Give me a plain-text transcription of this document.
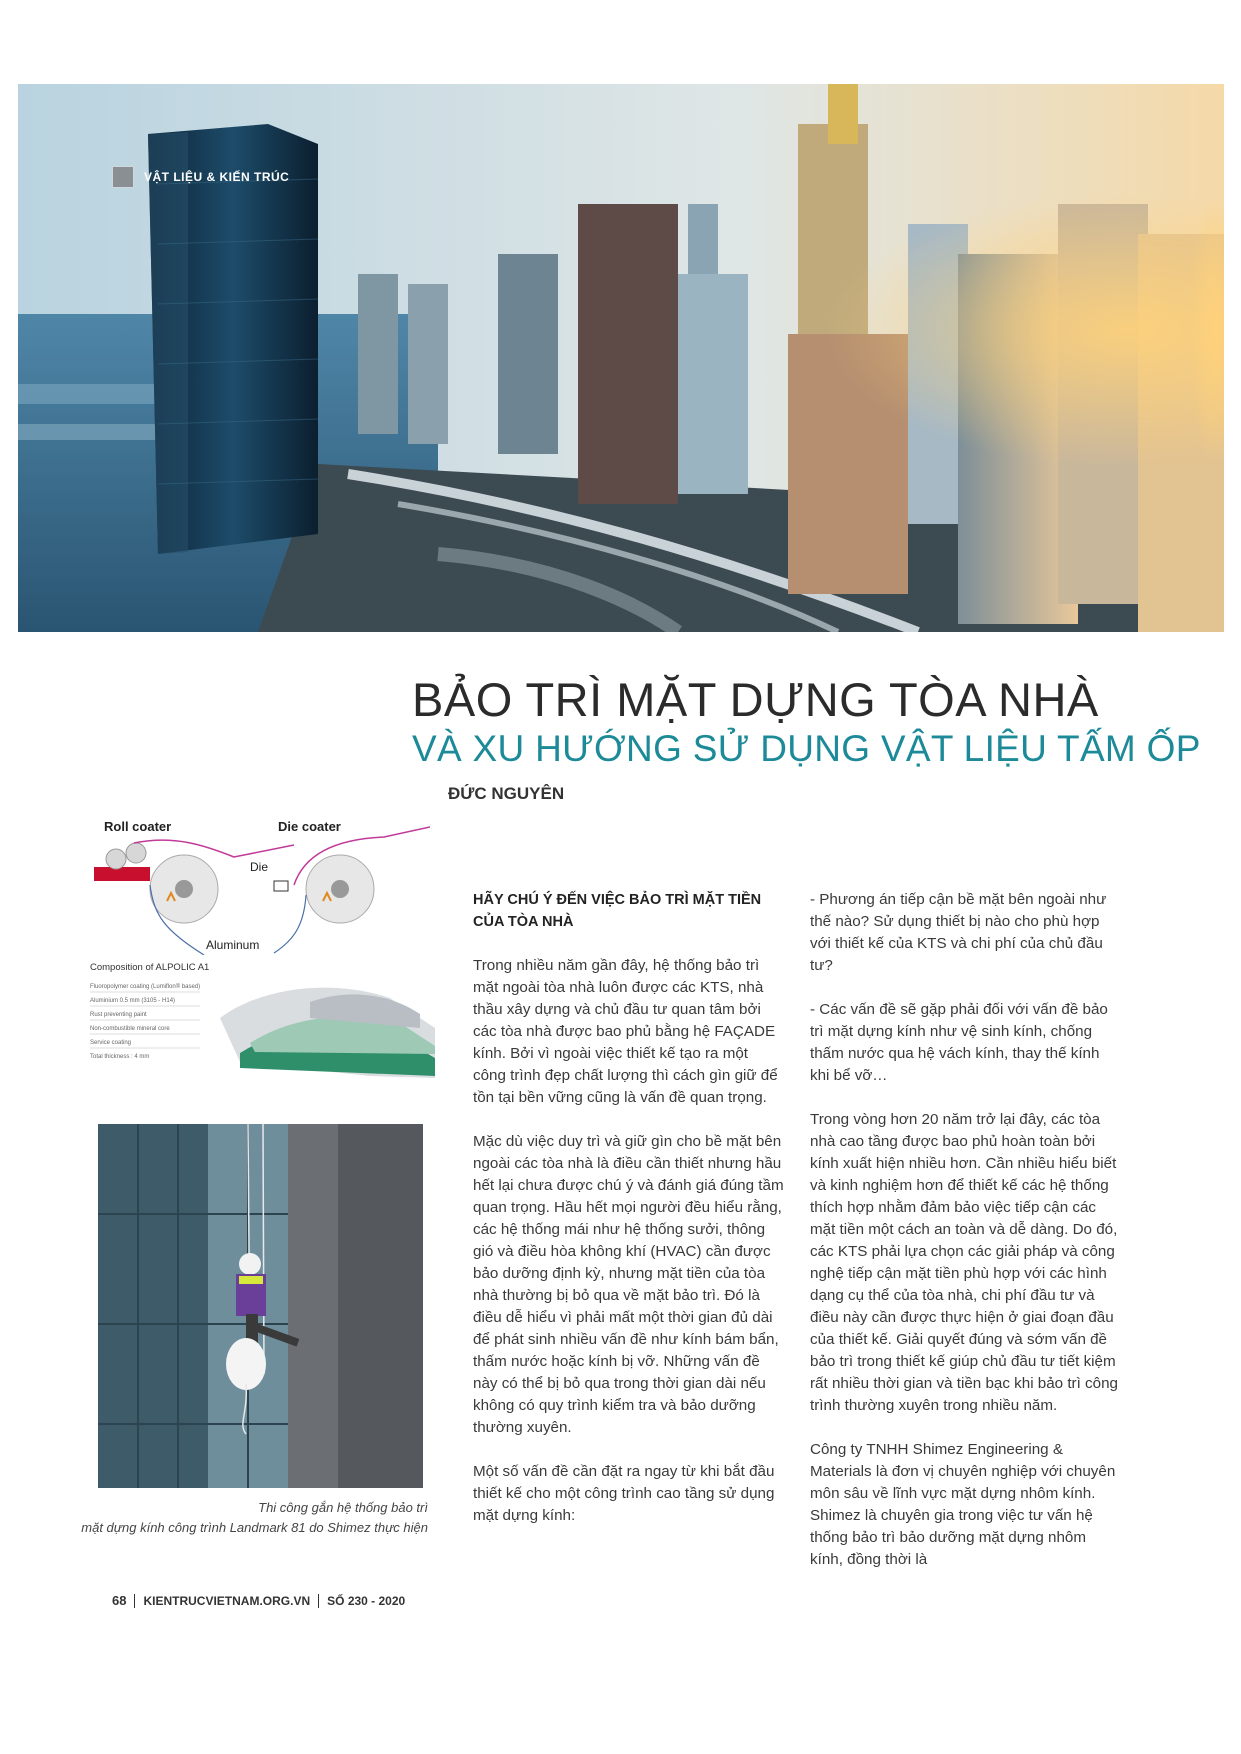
VẬT LIỆU & KIẾN TRÚC
BẢO TRÌ MẶT DỰNG TÒA NHÀ
VÀ XU HƯỚNG SỬ DỤNG VẬT LIỆU TẤM ỐP
ĐỨC NGUYÊN
Roll coater	Die coater
Die
Aluminum
Composition of ALPOLIC A1
Fluoropolymer coating (Lumiflon® based)
Aluminium 0.5 mm (3105 - H14)
Rust preventing paint
Non-combustible mineral core
Service coating
Total thickness : 4 mm
Thi công gắn hệ thống bảo trì
mặt dựng kính công trình Landmark 81 do Shimez thực hiện
HÃY CHÚ Ý ĐẾN VIỆC BẢO TRÌ MẶT TIỀN CỦA TÒA NHÀ

Trong nhiều năm gần đây, hệ thống bảo trì mặt ngoài tòa nhà luôn được các KTS, nhà thầu xây dựng và chủ đầu tư quan tâm bởi các tòa nhà được bao phủ bằng hệ FAÇADE kính. Bởi vì ngoài việc thiết kế tạo ra một công trình đẹp chất lượng thì cách gìn giữ để tồn tại bền vững cũng là vấn đề quan trọng.

Mặc dù việc duy trì và giữ gìn cho bề mặt bên ngoài các tòa nhà là điều cần thiết nhưng hầu hết lại chưa được chú ý và đánh giá đúng tầm quan trọng. Hầu hết mọi người đều hiểu rằng, các hệ thống mái như hệ thống sưởi, thông gió và điều hòa không khí (HVAC) cần được bảo dưỡng định kỳ, nhưng mặt tiền của tòa nhà thường bị bỏ qua về mặt bảo trì. Đó là điều dễ hiểu vì phải mất một thời gian đủ dài để phát sinh nhiều vấn đề như kính bám bẩn, thấm nước hoặc kính bị vỡ. Những vấn đề này có thể bị bỏ qua trong thời gian dài nếu không có quy trình kiểm tra và bảo dưỡng thường xuyên.

Một số vấn đề cần đặt ra ngay từ khi bắt đầu thiết kế cho một công trình cao tầng sử dụng mặt dựng kính:

- Phương án tiếp cận bề mặt bên ngoài như thế nào? Sử dụng thiết bị nào cho phù hợp với thiết kế của KTS và chi phí của chủ đầu tư?

- Các vấn đề sẽ gặp phải đối với vấn đề bảo trì mặt dựng kính như vệ sinh kính, chống thấm nước qua hệ vách kính, thay thế kính khi bể vỡ…

Trong vòng hơn 20 năm trở lại đây, các tòa nhà cao tầng được bao phủ hoàn toàn bởi kính xuất hiện nhiều hơn. Cần nhiều hiểu biết và kinh nghiệm hơn để thiết kế các hệ thống thích hợp nhằm đảm bảo việc tiếp cận các mặt tiền một cách an toàn và dễ dàng. Do đó, các KTS phải lựa chọn các giải pháp và công nghệ tiếp cận mặt tiền phù hợp với các hình dạng cụ thể của tòa nhà, chi phí đầu tư và điều này cần được thực hiện ở giai đoạn đầu của thiết kế. Giải quyết đúng và sớm vấn đề bảo trì trong thiết kế giúp chủ đầu tư tiết kiệm rất nhiều thời gian và tiền bạc khi bảo trì công trình thường xuyên trong nhiều năm.

Công ty TNHH Shimez Engineering & Materials là đơn vị chuyên nghiệp với chuyên môn sâu về lĩnh vực mặt dựng nhôm kính. Shimez là chuyên gia trong việc tư vấn hệ thống bảo trì bảo dưỡng mặt dựng nhôm kính, đồng thời là

68 KIENTRUCVIETNAM.ORG.VN SỐ 230 - 2020
